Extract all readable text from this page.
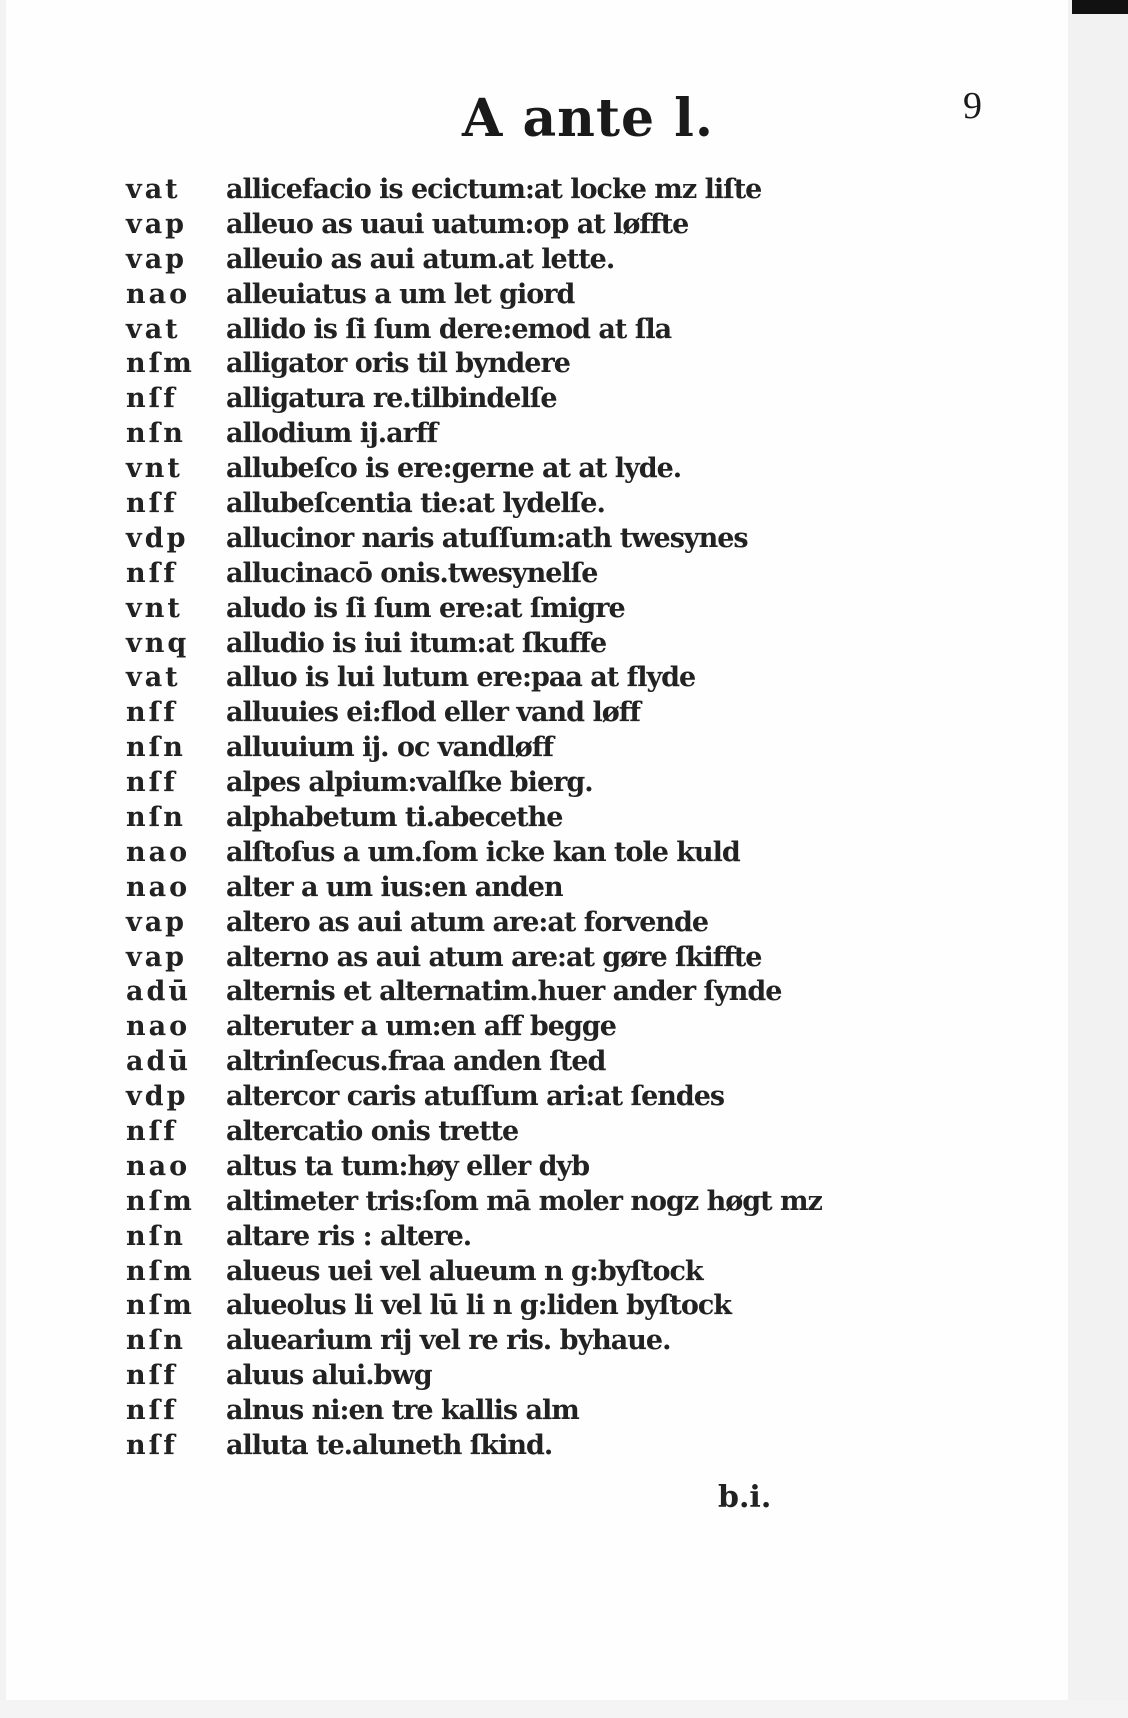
A ante l.	9
vat	allicefacio is ecictum:at locke mz liſte
vap	alleuo as uaui uatum:op at løffte
vap	alleuio as aui atum.at lette.
nao	alleuiatus a um let giord
vat	allido is ſi ſum dere:emod at ſla
nſm	alligator oris til byndere
nſf	alligatura re.tilbindelſe
nſn	allodium ij.arff
vnt	allubeſco is ere:gerne at at lyde.
nſf	allubeſcentia tie:at lydelſe.
vdp	allucinor naris atuſſum:ath twesynes
nſf	allucinacō onis.twesynelſe
vnt	aludo is ſi ſum ere:at ſmigre
vnq	alludio is iui itum:at ſkuffe
vat	alluo is lui lutum ere:paa at flyde
nſf	alluuies ei:flod eller vand løff
nſn	alluuium ij. oc vandløff
nſf	alpes alpium:valſke bierg.
nſn	alphabetum ti.abecethe
nao	alſtoſus a um.ſom icke kan tole kuld
nao	alter a um ius:en anden
vap	altero as aui atum are:at forvende
vap	alterno as aui atum are:at gøre ſkiffte
adū	alternis et alternatim.huer ander ſynde
nao	alteruter a um:en aff begge
adū	altrinſecus.fraa anden ſted
vdp	altercor caris atuſſum ari:at ſendes
nſf	altercatio onis trette
nao	altus ta tum:høy eller dyb
nſm	altimeter tris:ſom mā moler nogz høgt mz
nſn	altare ris : altere.
nſm	alueus uei vel alueum n g:byſtock
nſm	alueolus li vel lū li n g:liden byſtock
nſn	aluearium rij vel re ris. byhaue.
nſf	aluus alui.bwg
nſf	alnus ni:en tre kallis alm
nſf	alluta te.aluneth ſkind.
b.i.
